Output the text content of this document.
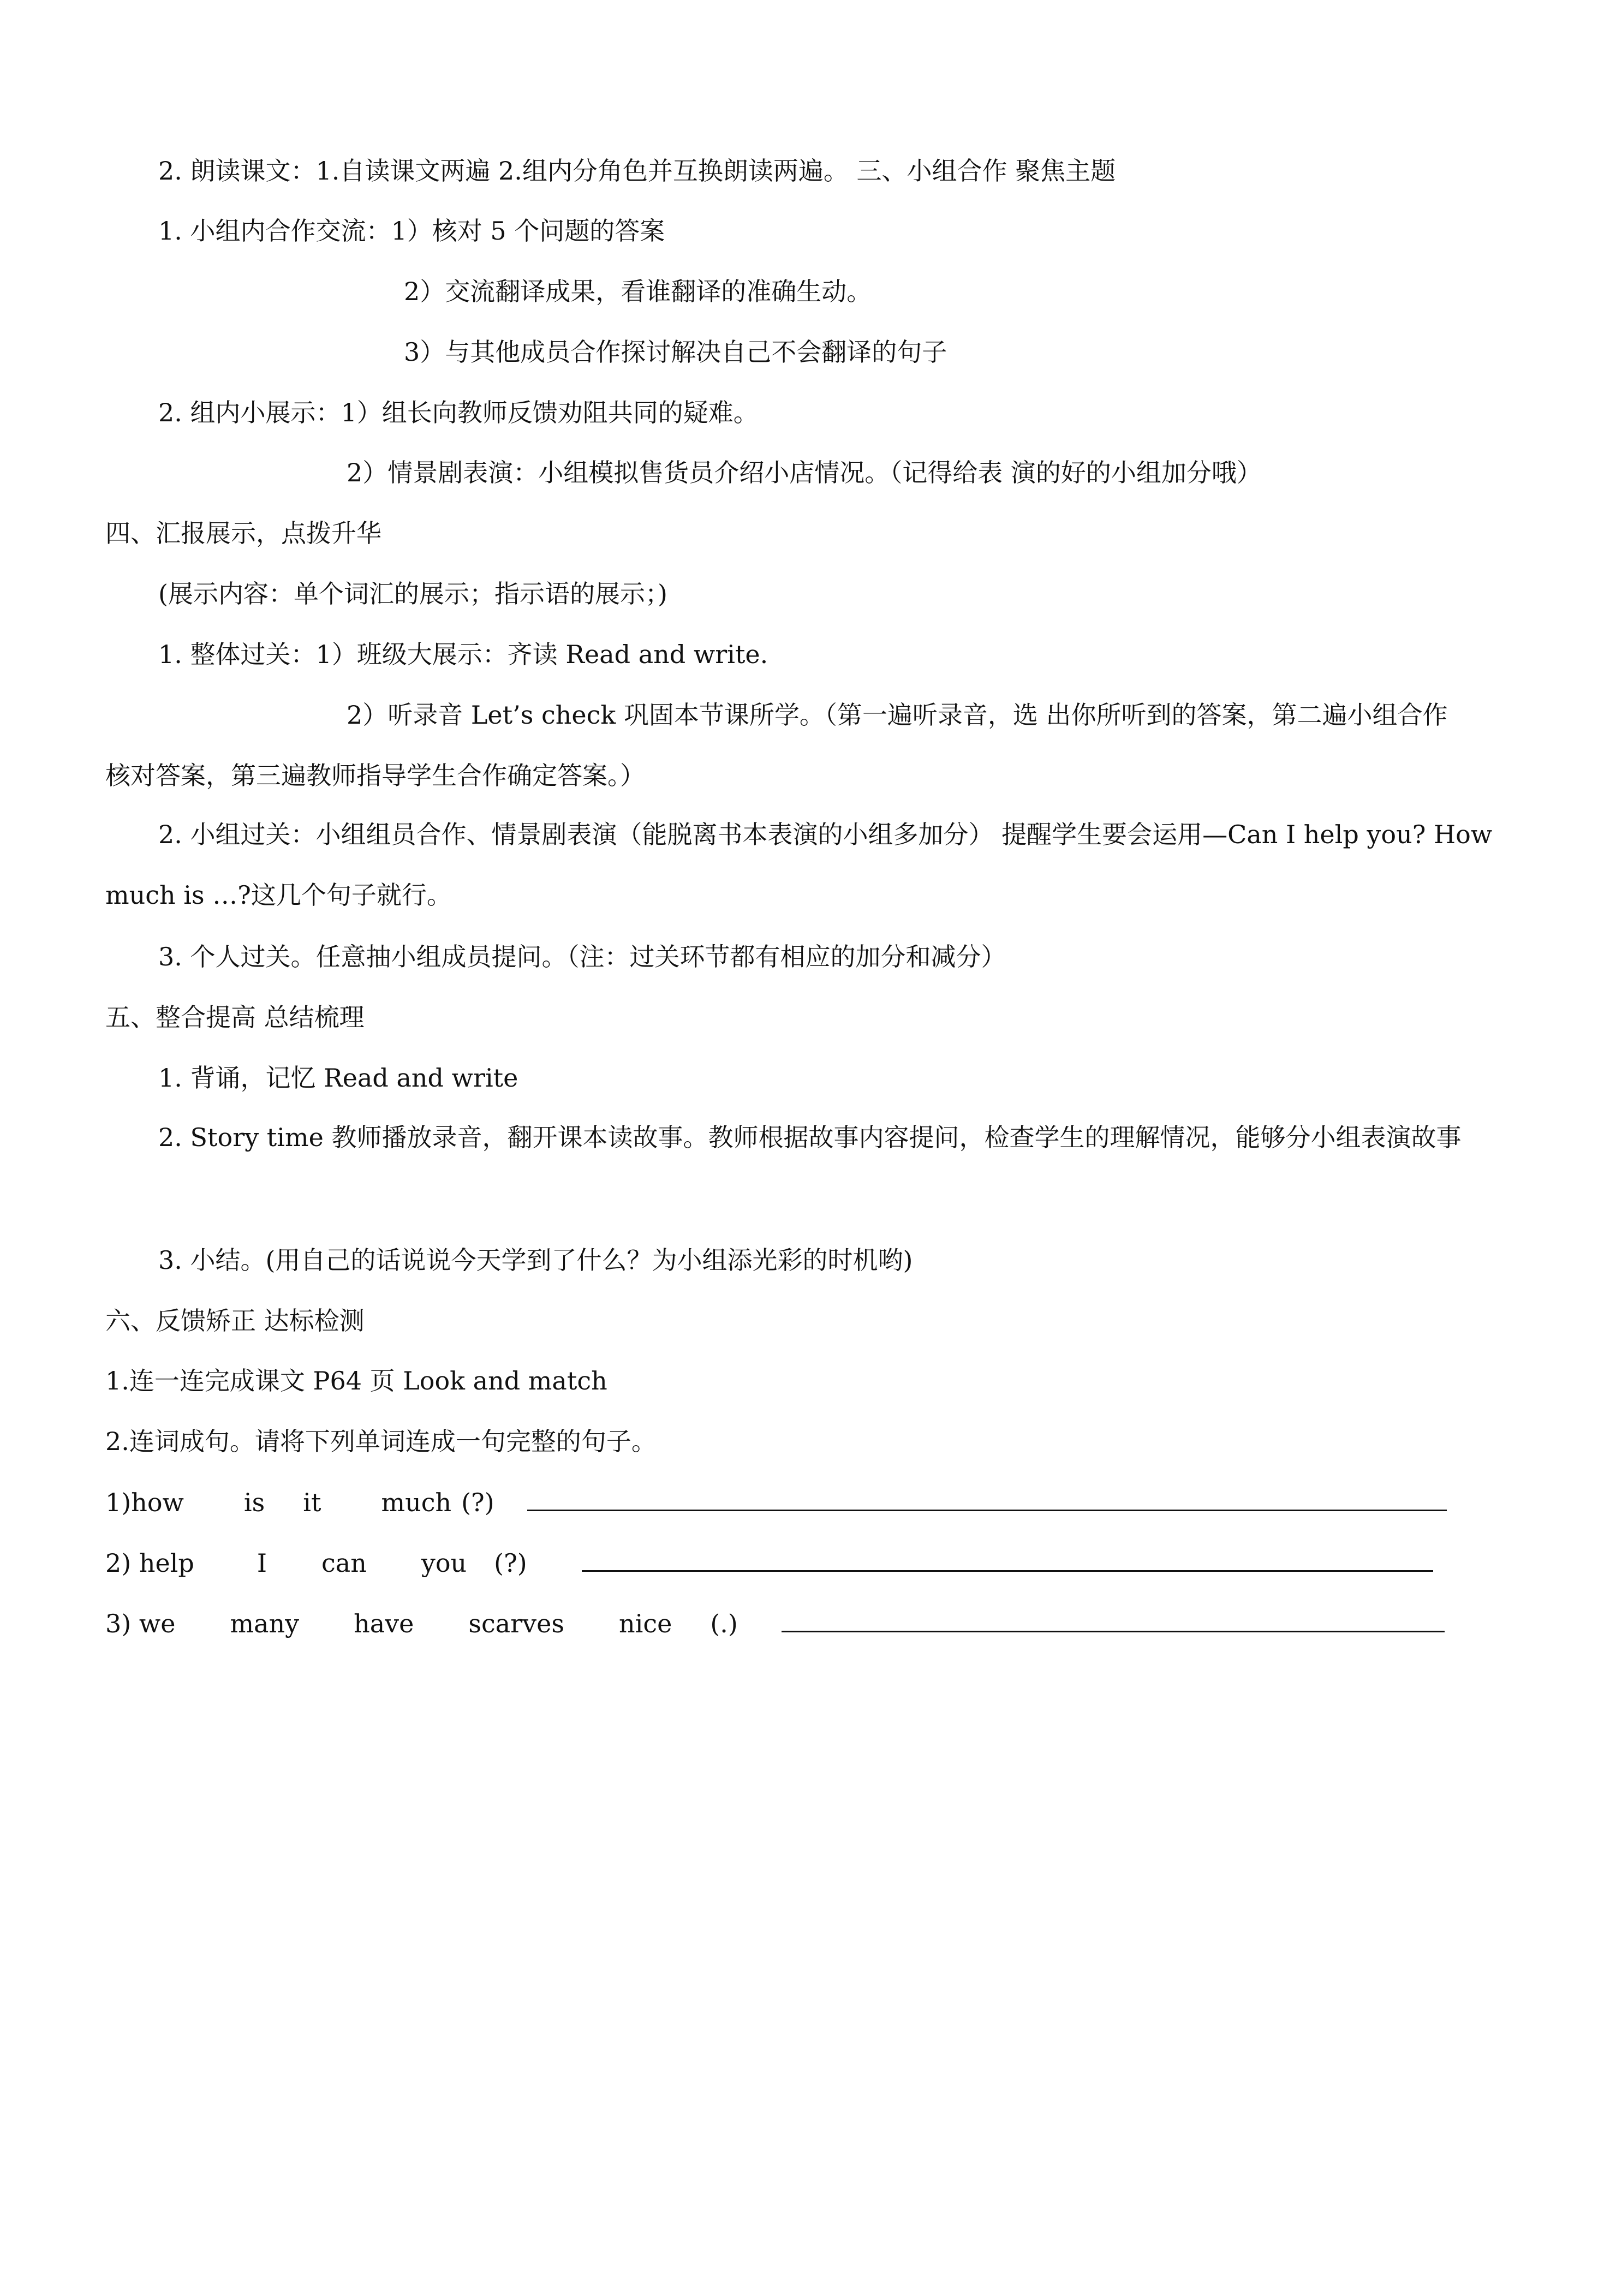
2. 朗读课文：1.自读课文两遍 2.组内分角色并互换朗读两遍。 三、小组合作 聚焦主题
1. 小组内合作交流：1）核对 5 个问题的答案
2）交流翻译成果，看谁翻译的准确生动。
3）与其他成员合作探讨解决自己不会翻译的句子
2. 组内小展示：1）组长向教师反馈劝阻共同的疑难。
2）情景剧表演：小组模拟售货员介绍小店情况。（记得给表 演的好的小组加分哦）
四、汇报展示，点拨升华
(展示内容：单个词汇的展示；指示语的展示；)
1. 整体过关：1）班级大展示：齐读 Read and write.
2）听录音 Let’s check 巩固本节课所学。（第一遍听录音，选 出你所听到的答案，第二遍小组合作
核对答案，第三遍教师指导学生合作确定答案。）
2. 小组过关：小组组员合作、情景剧表演（能脱离书本表演的小组多加分） 提醒学生要会运用—Can I help you? How much is …?这几个句子就行。
3. 个人过关。任意抽小组成员提问。（注：过关环节都有相应的加分和减分）
五、整合提高 总结梳理
1. 背诵，记忆 Read and write
2. Story time 教师播放录音，翻开课本读故事。教师根据故事内容提问，检查学生的理解情况，能够分小组表演故事
3. 小结。(用自己的话说说今天学到了什么？为小组添光彩的时机哟)
六、反馈矫正 达标检测
1.连一连完成课文 P64 页 Look and match
2.连词成句。请将下列单词连成一句完整的句子。
1)how is it much (?)
2) help	I can you (?)
3) we many have scarves nice (.)
